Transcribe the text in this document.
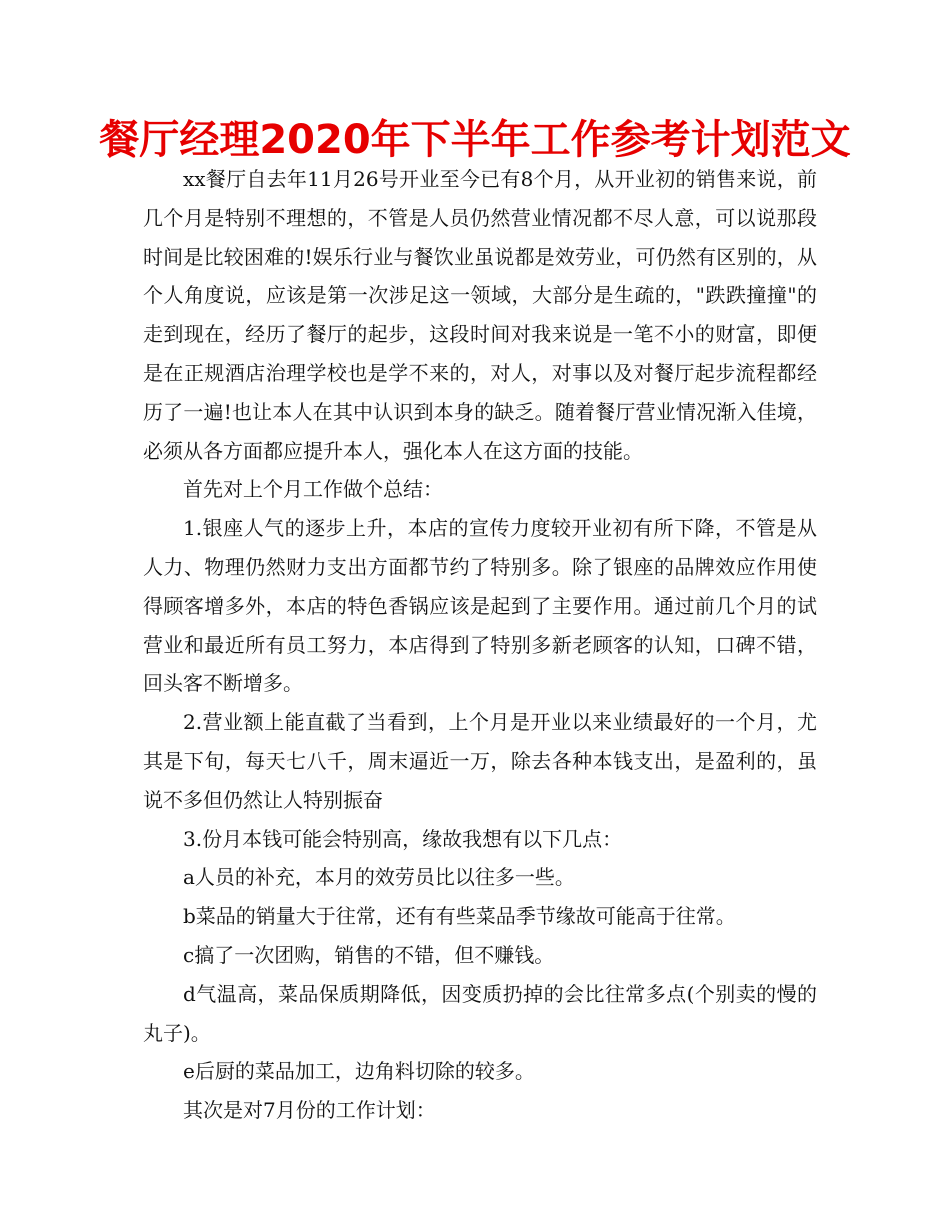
餐厅经理2020年下半年工作参考计划范文

xx餐厅自去年11月26号开业至今已有8个月，从开业初的销售来说，前几个月是特别不理想的，不管是人员仍然营业情况都不尽人意，可以说那段时间是比较困难的!娱乐行业与餐饮业虽说都是效劳业，可仍然有区别的，从个人角度说，应该是第一次涉足这一领域，大部分是生疏的，"跌跌撞撞"的走到现在，经历了餐厅的起步，这段时间对我来说是一笔不小的财富，即便是在正规酒店治理学校也是学不来的，对人，对事以及对餐厅起步流程都经历了一遍!也让本人在其中认识到本身的缺乏。随着餐厅营业情况渐入佳境，必须从各方面都应提升本人，强化本人在这方面的技能。

首先对上个月工作做个总结：

1.银座人气的逐步上升，本店的宣传力度较开业初有所下降，不管是从人力、物理仍然财力支出方面都节约了特别多。除了银座的品牌效应作用使得顾客增多外，本店的特色香锅应该是起到了主要作用。通过前几个月的试营业和最近所有员工努力，本店得到了特别多新老顾客的认知，口碑不错，回头客不断增多。

2.营业额上能直截了当看到，上个月是开业以来业绩最好的一个月，尤其是下旬，每天七八千，周末逼近一万，除去各种本钱支出，是盈利的，虽说不多但仍然让人特别振奋

3.份月本钱可能会特别高，缘故我想有以下几点：

a人员的补充，本月的效劳员比以往多一些。

b菜品的销量大于往常，还有有些菜品季节缘故可能高于往常。

c搞了一次团购，销售的不错，但不赚钱。

d气温高，菜品保质期降低，因变质扔掉的会比往常多点(个别卖的慢的丸子)。

e后厨的菜品加工，边角料切除的较多。

其次是对7月份的工作计划：
